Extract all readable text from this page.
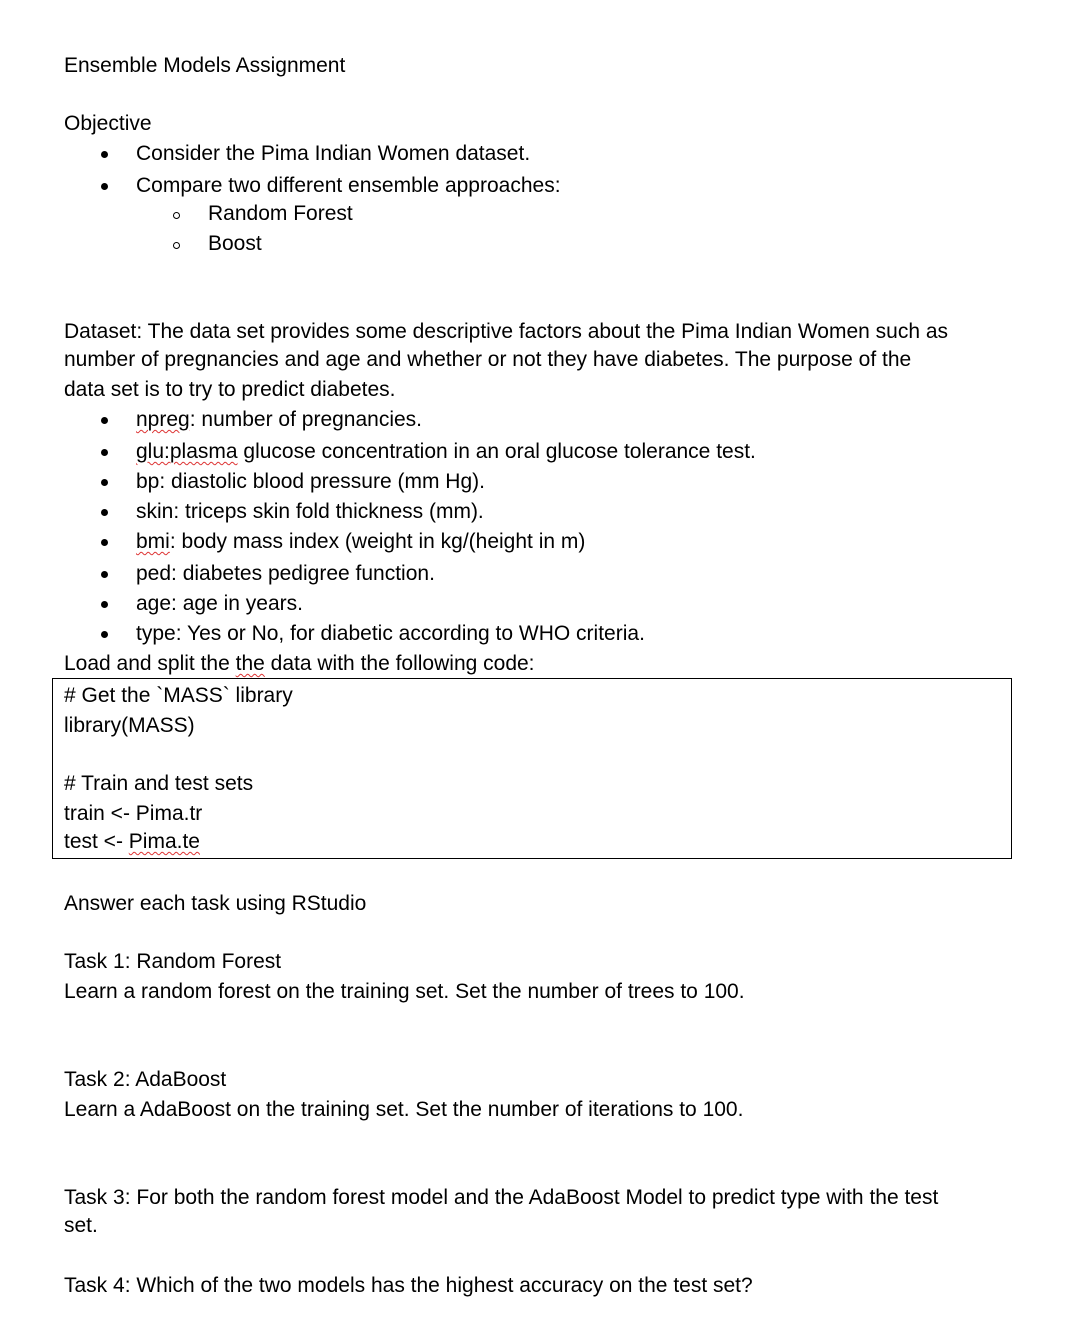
Ensemble Models Assignment
Objective
Consider the Pima Indian Women dataset.
Compare two different ensemble approaches:
Random Forest
Boost
Dataset: The data set provides some descriptive factors about the Pima Indian Women such as
number of pregnancies and age and whether or not they have diabetes. The purpose of the
data set is to try to predict diabetes.
npreg: number of pregnancies.
glu:plasma glucose concentration in an oral glucose tolerance test.
bp: diastolic blood pressure (mm Hg).
skin: triceps skin fold thickness (mm).
bmi: body mass index (weight in kg/(height in m)
ped: diabetes pedigree function.
age: age in years.
type: Yes or No, for diabetic according to WHO criteria.
Load and split the the data with the following code:
# Get the `MASS` library
library(MASS)
# Train and test sets
train <- Pima.tr
test <- Pima.te
Answer each task using RStudio
Task 1: Random Forest
Learn a random forest on the training set. Set the number of trees to 100.
Task 2: AdaBoost
Learn a AdaBoost on the training set. Set the number of iterations to 100.
Task 3: For both the random forest model and the AdaBoost Model to predict type with the test
set.
Task 4: Which of the two models has the highest accuracy on the test set?
